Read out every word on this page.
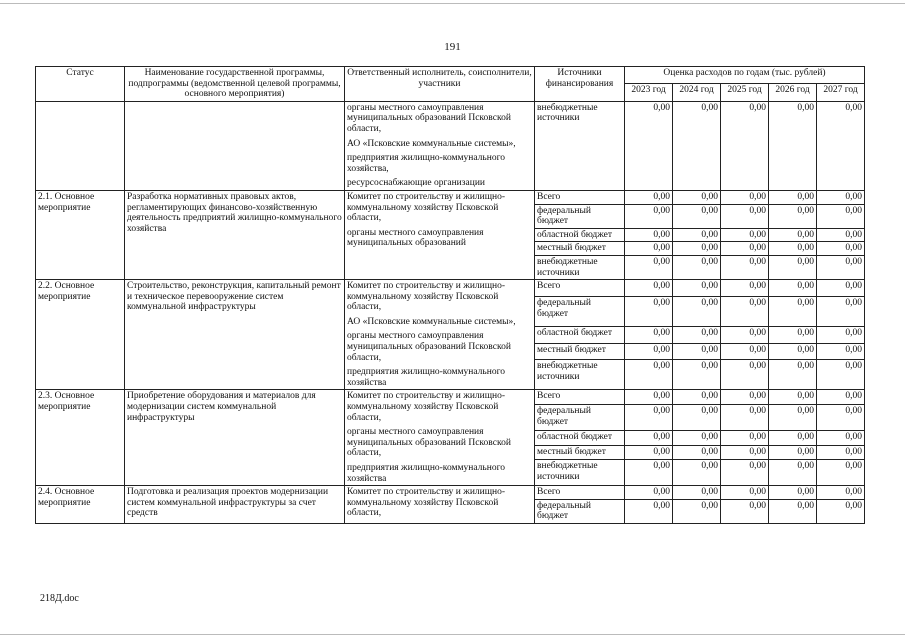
191
Статус	Наименование государственной программы, подпрограммы (ведомственной целевой программы, основного мероприятия)	Ответственный исполнитель, соисполнители, участники	Источники финансирования	Оценка расходов по годам (тыс. рублей)				
				2023 год	2024 год	2025 год	2026 год	2027 год

		органы местного самоуправления муниципальных образований Псковской области,
АО «Псковские коммунальные системы»,
предприятия жилищно-коммунального хозяйства,
ресурсоснабжающие организации	внебюджетные источники	0,00	0,00	0,00	0,00	0,00
2.1. Основное мероприятие	Разработка нормативных правовых актов, регламентирующих финансово-хозяйственную деятельность предприятий жилищно-коммунального хозяйства	Комитет по строительству и жилищно-коммунальному хозяйству Псковской области,
органы местного самоуправления муниципальных образований	Всего	0,00	0,00	0,00	0,00	0,00
			федеральный бюджет	0,00	0,00	0,00	0,00	0,00
			областной бюджет	0,00	0,00	0,00	0,00	0,00
			местный бюджет	0,00	0,00	0,00	0,00	0,00
			внебюджетные источники	0,00	0,00	0,00	0,00	0,00
2.2. Основное мероприятие	Строительство, реконструкция, капитальный ремонт и техническое перевооружение систем коммунальной инфраструктуры	Комитет по строительству и жилищно-коммунальному хозяйству Псковской области,
АО «Псковские коммунальные системы»,
органы местного самоуправления муниципальных образований Псковской области,
предприятия жилищно-коммунального хозяйства	Всего	0,00	0,00	0,00	0,00	0,00
			федеральный бюджет	0,00	0,00	0,00	0,00	0,00
			областной бюджет	0,00	0,00	0,00	0,00	0,00
			местный бюджет	0,00	0,00	0,00	0,00	0,00
			внебюджетные источники	0,00	0,00	0,00	0,00	0,00
2.3. Основное мероприятие	Приобретение оборудования и материалов для модернизации систем коммунальной инфраструктуры	Комитет по строительству и жилищно-коммунальному хозяйству Псковской области,
органы местного самоуправления муниципальных образований Псковской области,
предприятия жилищно-коммунального хозяйства	Всего	0,00	0,00	0,00	0,00	0,00
			федеральный бюджет	0,00	0,00	0,00	0,00	0,00
			областной бюджет	0,00	0,00	0,00	0,00	0,00
			местный бюджет	0,00	0,00	0,00	0,00	0,00
			внебюджетные источники	0,00	0,00	0,00	0,00	0,00
2.4. Основное мероприятие	Подготовка и реализация проектов модернизации систем коммунальной инфраструктуры за счет средств	Комитет по строительству и жилищно-коммунальному хозяйству Псковской области,	Всего	0,00	0,00	0,00	0,00	0,00
			федеральный бюджет	0,00	0,00	0,00	0,00	0,00
218Д.doc
